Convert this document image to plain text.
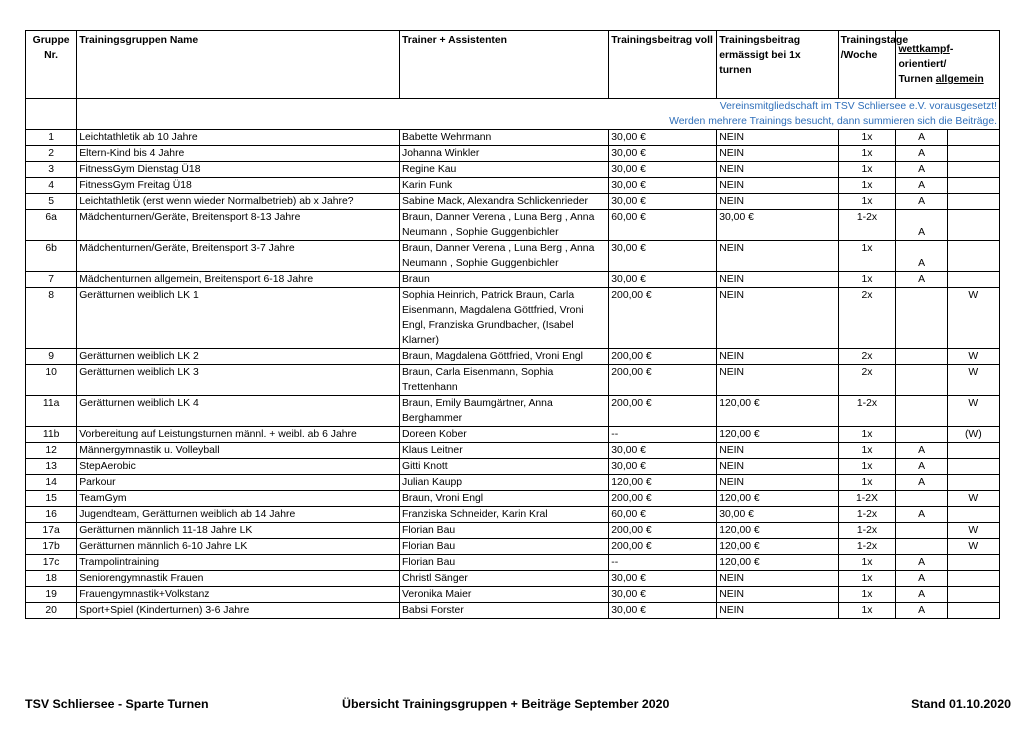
Gruppe Nr.	Trainingsgruppen Name	Trainer + Assistenten	Trainingsbeitrag voll	Trainingsbeitrag ermässigt bei 1x turnen	Trainingstage /Woche	wettkampf-orientiert/
Turnen allgemein	

	Vereinsmitgliedschaft im TSV Schliersee e.V. vorausgesetzt!
Werden mehrere Trainings besucht, dann summieren sich die Beiträge.						

1	Leichtathletik ab 10 Jahre	Babette Wehrmann	30,00 €	NEIN	1x	A	
2	Eltern-Kind bis 4 Jahre	Johanna Winkler	30,00 €	NEIN	1x	A	
3	FitnessGym Dienstag Ü18	Regine Kau	30,00 €	NEIN	1x	A	
4	FitnessGym Freitag Ü18	Karin Funk	30,00 €	NEIN	1x	A	
5	Leichtathletik (erst wenn wieder Normalbetrieb) ab x Jahre?	Sabine Mack, Alexandra Schlickenrieder	30,00 €	NEIN	1x	A	
6a	Mädchenturnen/Geräte, Breitensport 8-13 Jahre	Braun, Danner Verena , Luna Berg , Anna Neumann , Sophie Guggenbichler	60,00 €	30,00 €	1-2x	A	
6b	Mädchenturnen/Geräte, Breitensport 3-7 Jahre	Braun, Danner Verena , Luna Berg , Anna Neumann , Sophie Guggenbichler	30,00 €	NEIN	1x	A	
7	Mädchenturnen allgemein, Breitensport 6-18 Jahre	Braun	30,00 €	NEIN	1x	A	
8	Gerätturnen weiblich LK 1	Sophia Heinrich, Patrick Braun, Carla Eisenmann, Magdalena Göttfried, Vroni Engl, Franziska Grundbacher, (Isabel Klarner)	200,00 €	NEIN	2x		W
9	Gerätturnen weiblich LK 2	Braun, Magdalena Göttfried, Vroni Engl	200,00 €	NEIN	2x		W
10	Gerätturnen weiblich LK 3	Braun, Carla Eisenmann, Sophia Trettenhann	200,00 €	NEIN	2x		W
11a	Gerätturnen weiblich LK 4	Braun, Emily Baumgärtner, Anna Berghammer	200,00 €	120,00 €	1-2x		W
11b	Vorbereitung auf Leistungsturnen männl. + weibl. ab 6 Jahre	Doreen Kober	--	120,00 €	1x		(W)
12	Männergymnastik u. Volleyball	Klaus Leitner	30,00 €	NEIN	1x	A	
13	StepAerobic	Gitti Knott	30,00 €	NEIN	1x	A	
14	Parkour	Julian Kaupp	120,00 €	NEIN	1x	A	
15	TeamGym	Braun, Vroni Engl	200,00 €	120,00 €	1-2X		W
16	Jugendteam, Gerätturnen weiblich ab 14 Jahre	Franziska Schneider, Karin Kral	60,00 €	30,00 €	1-2x	A	
17a	Gerätturnen männlich 11-18 Jahre LK	Florian Bau	200,00 €	120,00 €	1-2x		W
17b	Gerätturnen männlich 6-10 Jahre LK	Florian Bau	200,00 €	120,00 €	1-2x		W
17c	Trampolintraining	Florian Bau	--	120,00 €	1x	A	
18	Seniorengymnastik Frauen	Christl Sänger	30,00 €	NEIN	1x	A	
19	Frauengymnastik+Volkstanz	Veronika Maier	30,00 €	NEIN	1x	A	
20	Sport+Spiel (Kinderturnen) 3-6 Jahre	Babsi Forster	30,00 €	NEIN	1x	A	
TSV Schliersee - Sparte Turnen	Übersicht Trainingsgruppen + Beiträge September 2020	Stand 01.10.2020
